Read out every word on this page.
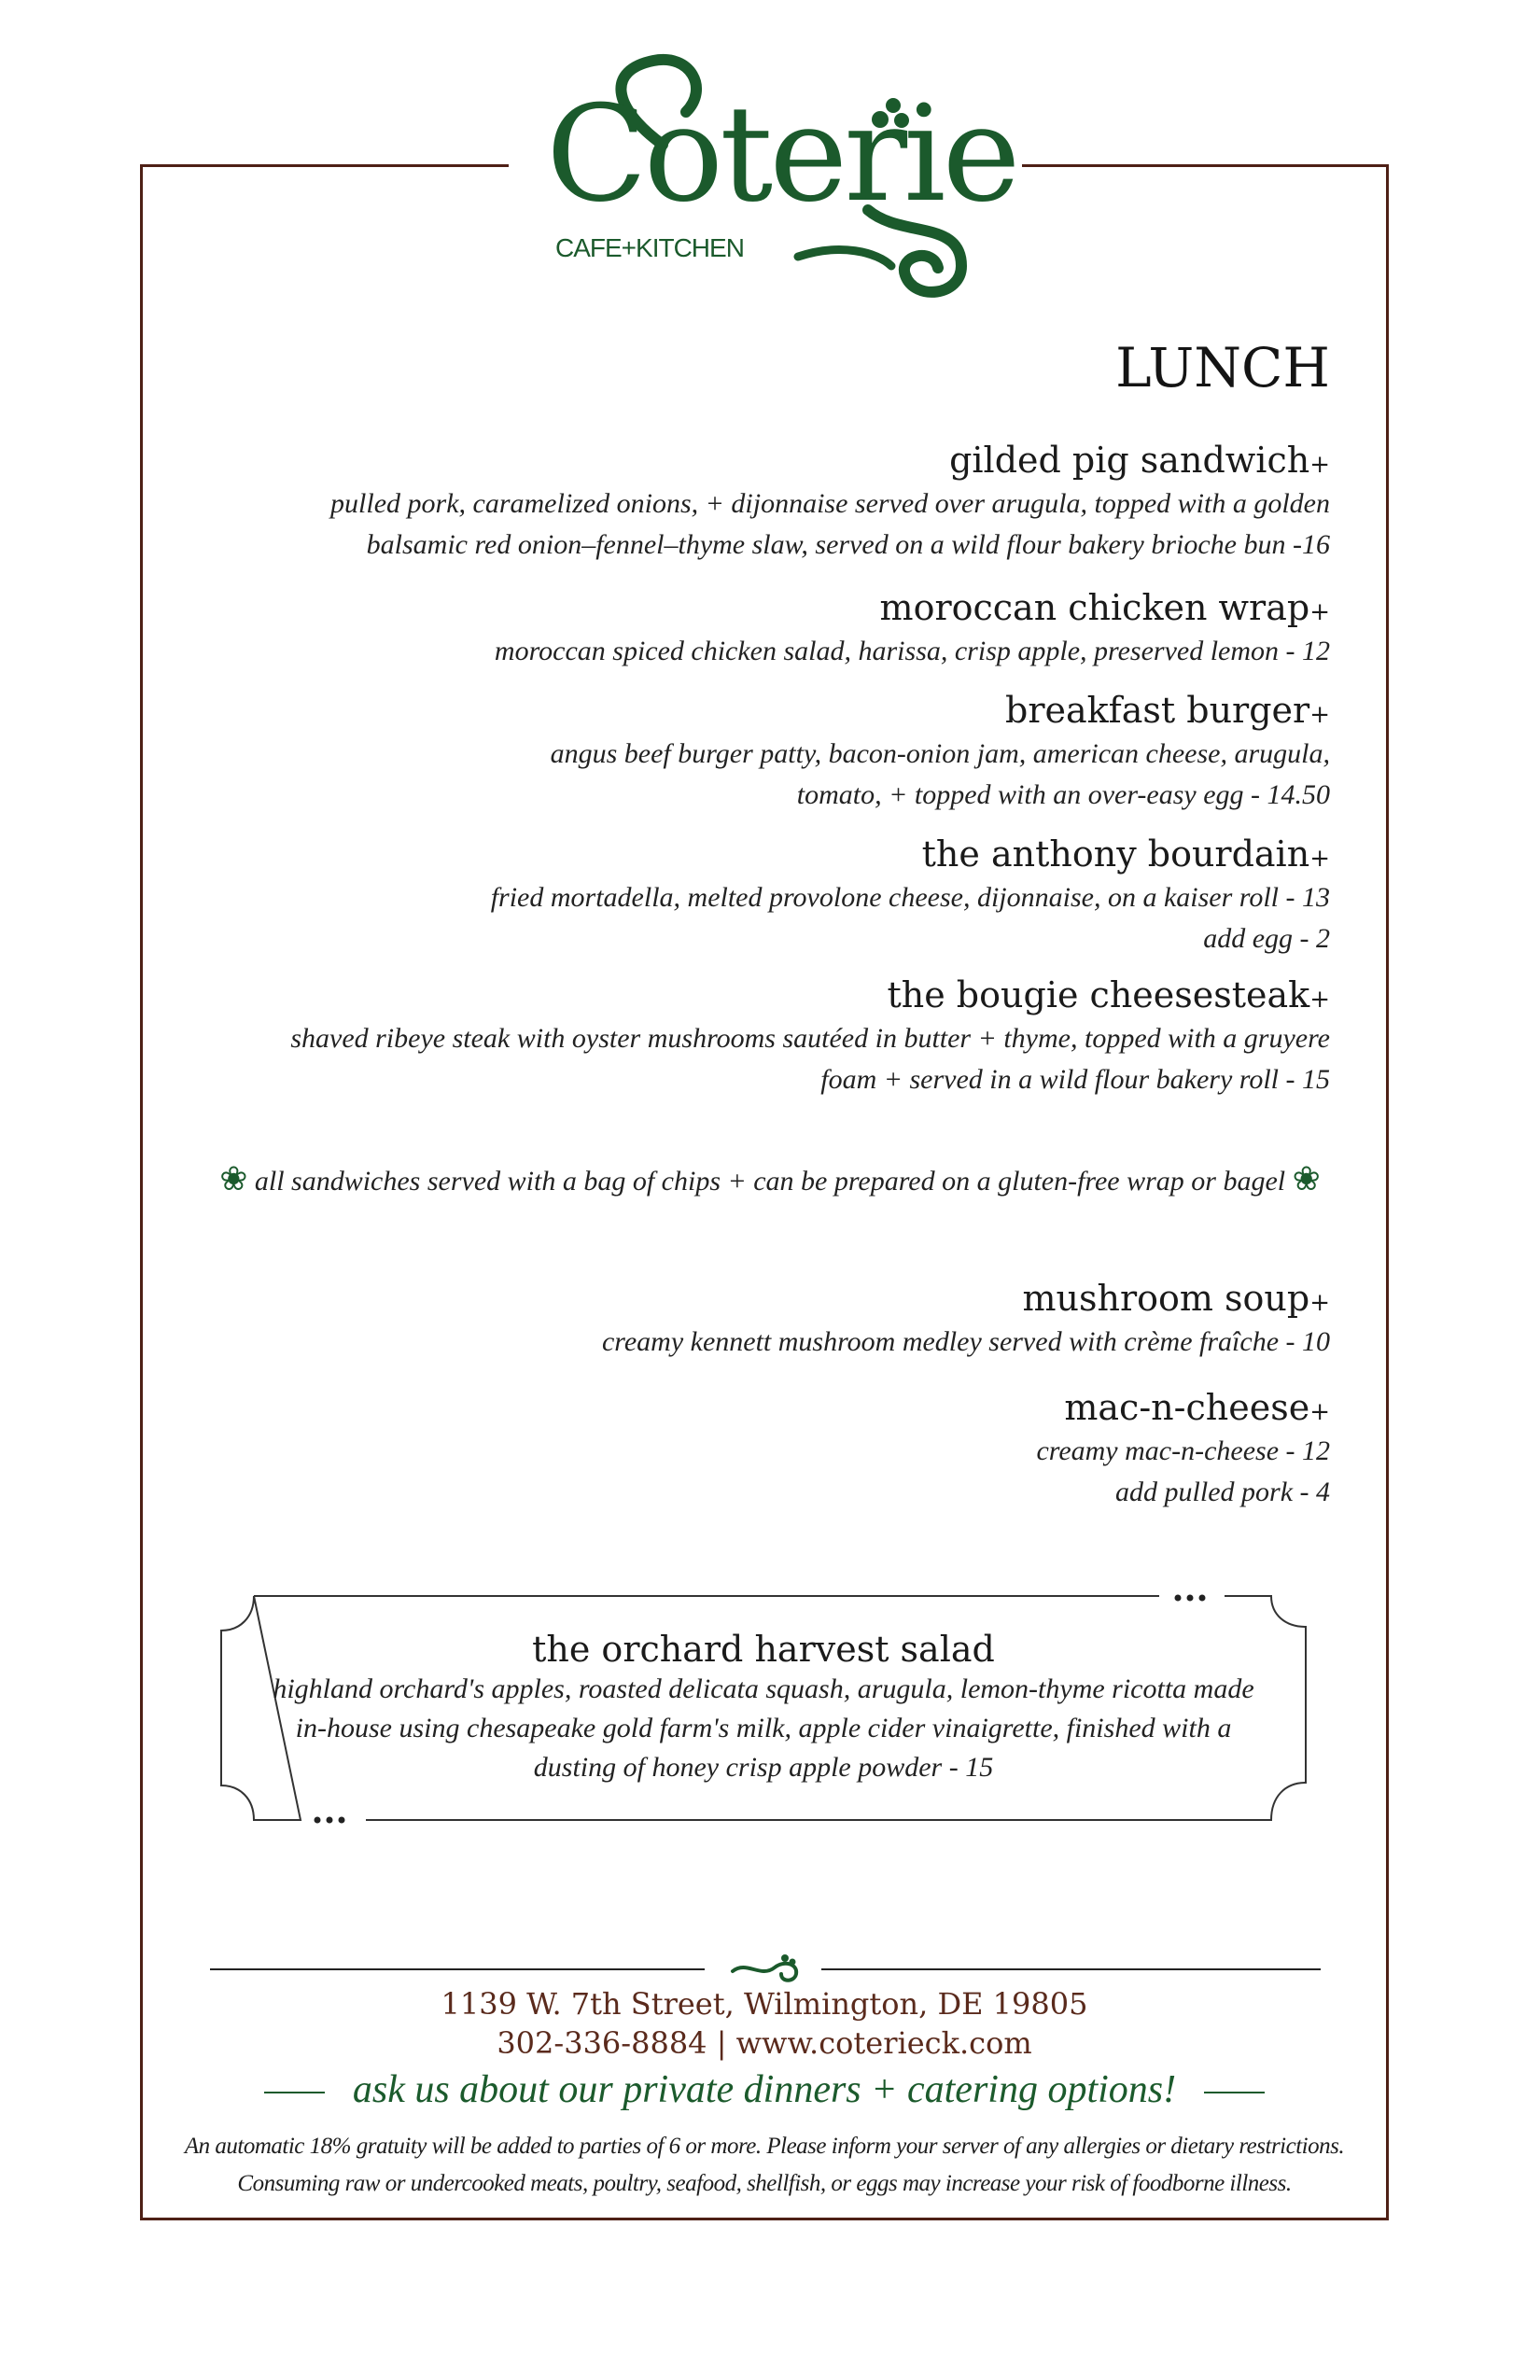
Coterie
CAFE+KITCHEN
LUNCH
gilded pig sandwich+
pulled pork, caramelized onions, + dijonnaise served over arugula, topped with a golden
balsamic red onion–fennel–thyme slaw, served on a wild flour bakery brioche bun -16
moroccan chicken wrap+
moroccan spiced chicken salad, harissa, crisp apple, preserved lemon - 12
breakfast burger+
angus beef burger patty, bacon-onion jam, american cheese, arugula,
tomato, + topped with an over-easy egg - 14.50
the anthony bourdain+
fried mortadella, melted provolone cheese, dijonnaise, on a kaiser roll - 13
add egg - 2
the bougie cheesesteak+
shaved ribeye steak with oyster mushrooms sautéed in butter + thyme, topped with a gruyere
foam + served in a wild flour bakery roll - 15
❀ all sandwiches served with a bag of chips + can be prepared on a gluten-free wrap or bagel ❀
mushroom soup+
creamy kennett mushroom medley served with crème fraîche - 10
mac-n-cheese+
creamy mac-n-cheese - 12
add pulled pork - 4
the orchard harvest salad
highland orchard's apples, roasted delicata squash, arugula, lemon-thyme ricotta made
in-house using chesapeake gold farm's milk, apple cider vinaigrette, finished with a
dusting of honey crisp apple powder - 15
1139 W. 7th Street, Wilmington, DE 19805
302-336-8884 | www.coterieck.com
ask us about our private dinners + catering options!
An automatic 18% gratuity will be added to parties of 6 or more. Please inform your server of any allergies or dietary restrictions.
Consuming raw or undercooked meats, poultry, seafood, shellfish, or eggs may increase your risk of foodborne illness.
